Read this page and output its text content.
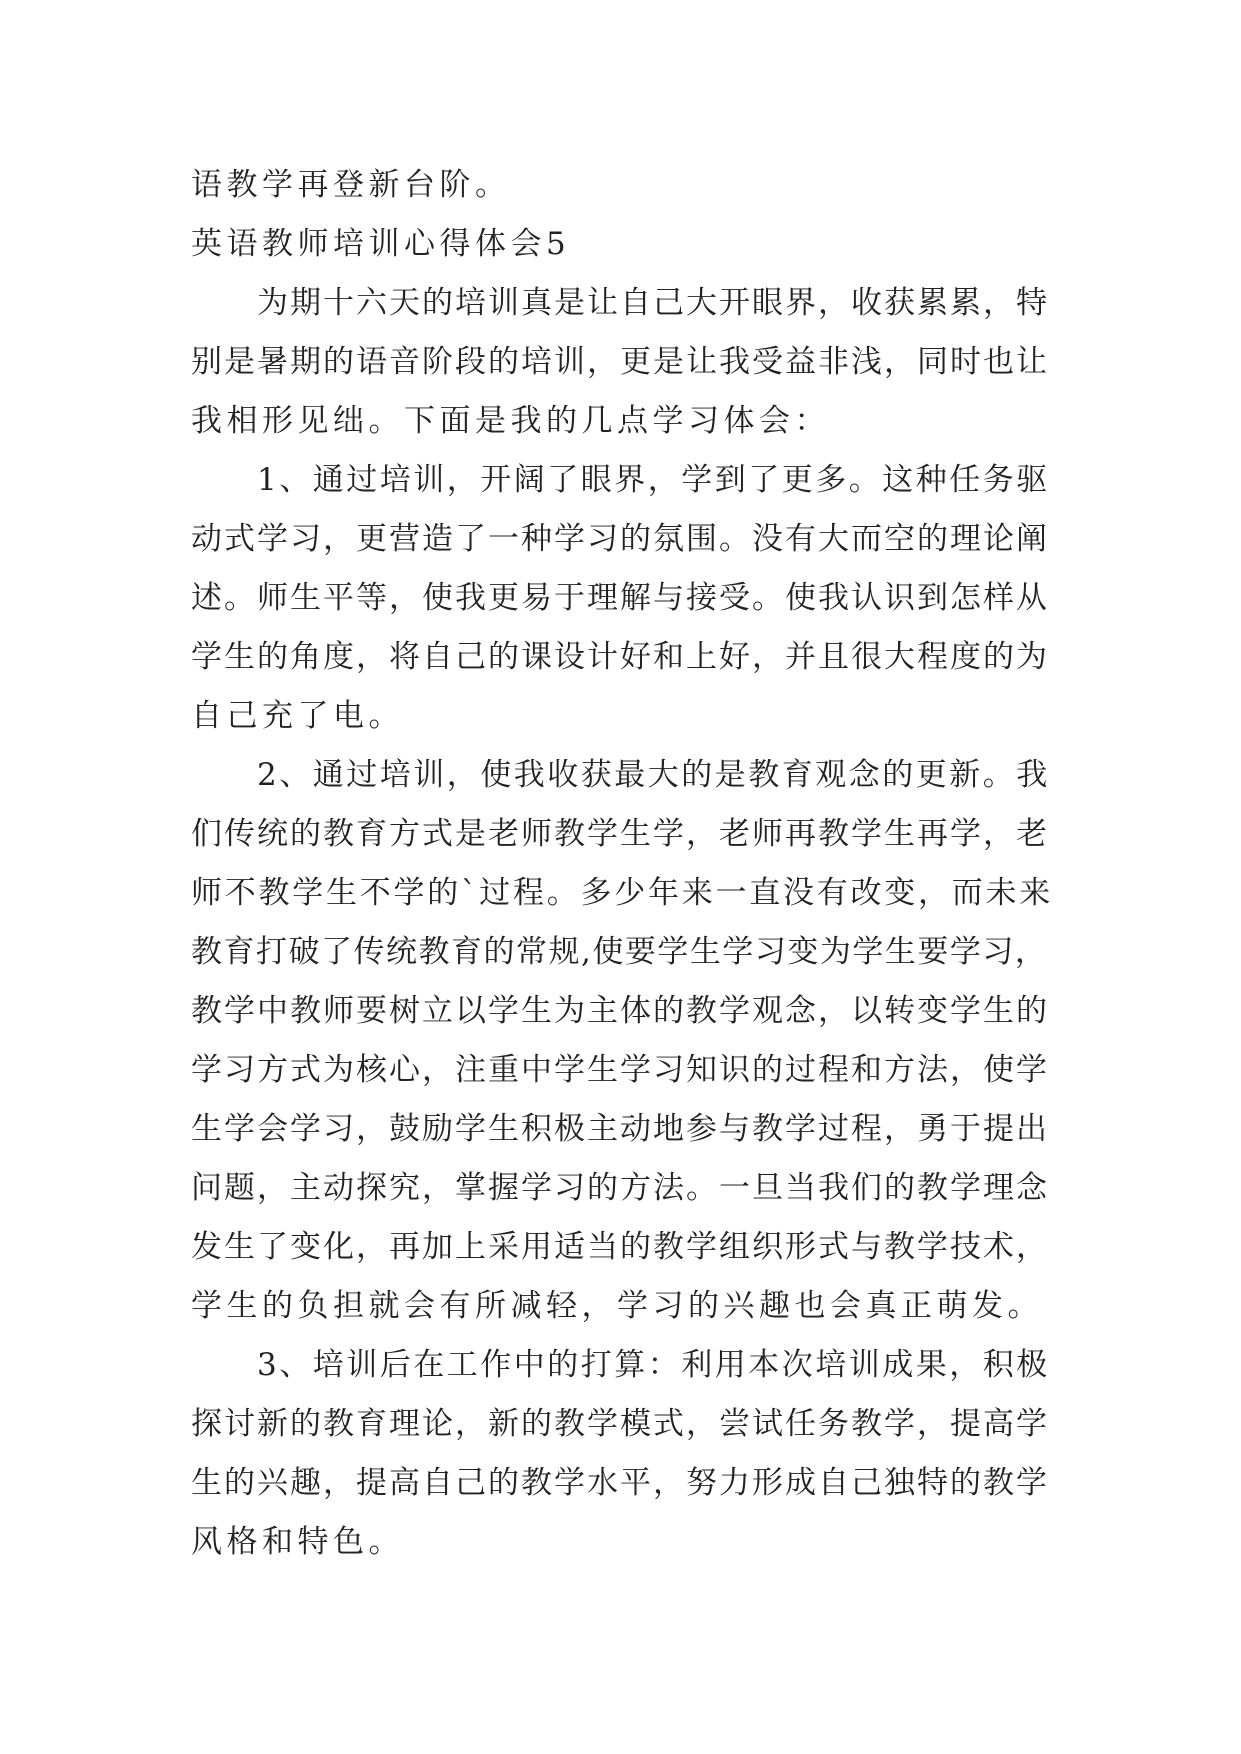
语教学再登新台阶。
英语教师培训心得体会5
为期十六天的培训真是让自己大开眼界，收获累累，特
别是暑期的语音阶段的培训，更是让我受益非浅，同时也让
我相形见绌。下面是我的几点学习体会：
1、通过培训，开阔了眼界，学到了更多。这种任务驱
动式学习，更营造了一种学习的氛围。没有大而空的理论阐
述。师生平等，使我更易于理解与接受。使我认识到怎样从
学生的角度，将自己的课设计好和上好，并且很大程度的为
自己充了电。
2、通过培训，使我收获最大的是教育观念的更新。我
们传统的教育方式是老师教学生学，老师再教学生再学，老
师不教学生不学的`过程。多少年来一直没有改变，而未来
教育打破了传统教育的常规,使要学生学习变为学生要学习，
教学中教师要树立以学生为主体的教学观念，以转变学生的
学习方式为核心，注重中学生学习知识的过程和方法，使学
生学会学习，鼓励学生积极主动地参与教学过程，勇于提出
问题，主动探究，掌握学习的方法。一旦当我们的教学理念
发生了变化，再加上采用适当的教学组织形式与教学技术，
学生的负担就会有所减轻，学习的兴趣也会真正萌发。
3、培训后在工作中的打算：利用本次培训成果，积极
探讨新的教育理论，新的教学模式，尝试任务教学，提高学
生的兴趣，提高自己的教学水平，努力形成自己独特的教学
风格和特色。
